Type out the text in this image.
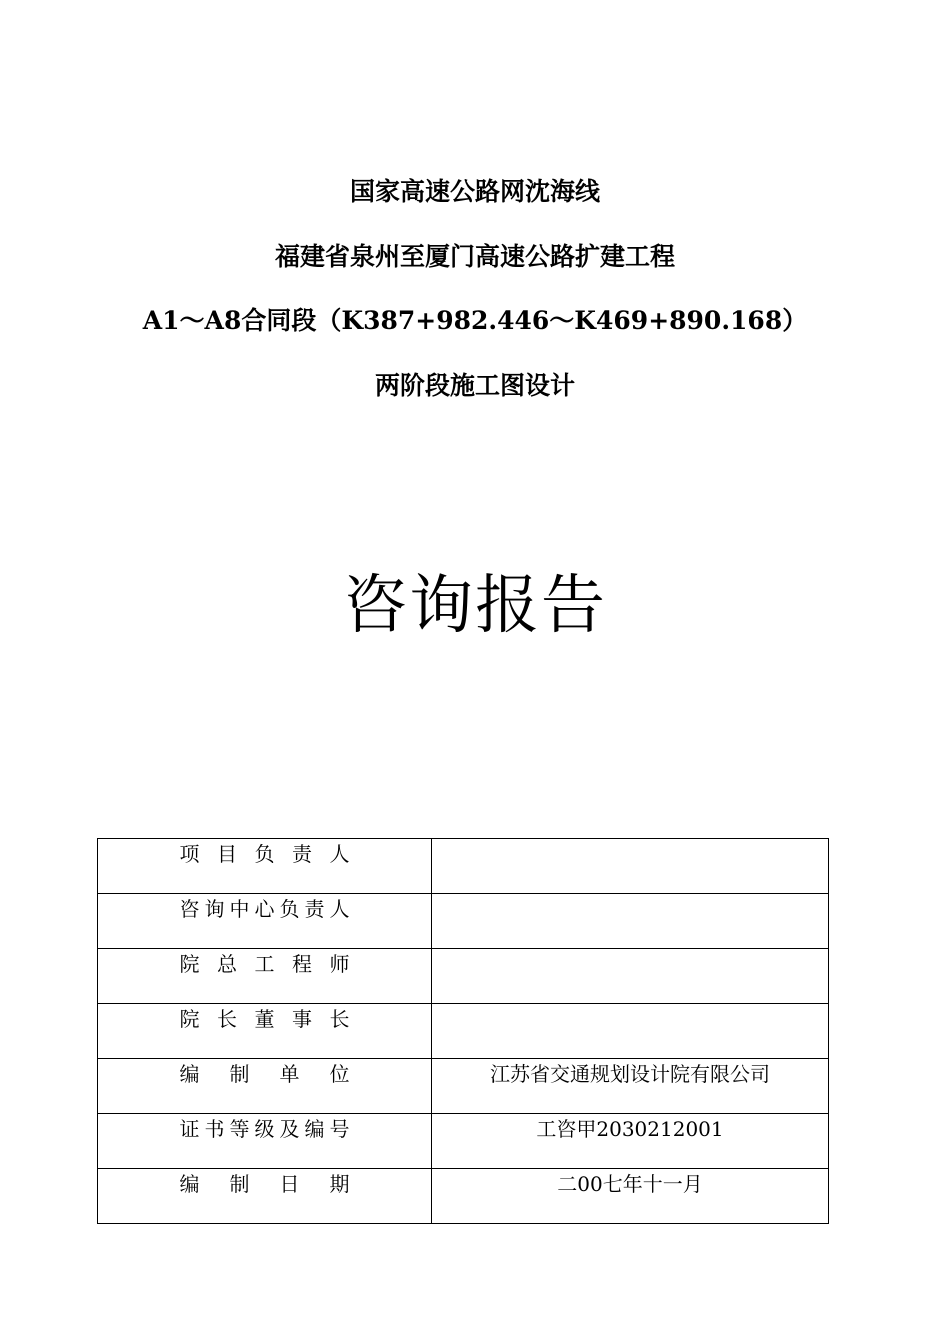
国家高速公路网沈海线
福建省泉州至厦门高速公路扩建工程
A1～A8合同段（K387+982.446～K469+890.168）
两阶段施工图设计
咨询报告
项目负责人	
咨询中心负责人	
院总工程师	
院长董事长	
编制单位	江苏省交通规划设计院有限公司
证书等级及编号	工咨甲2030212001
编制日期	二00七年十一月
